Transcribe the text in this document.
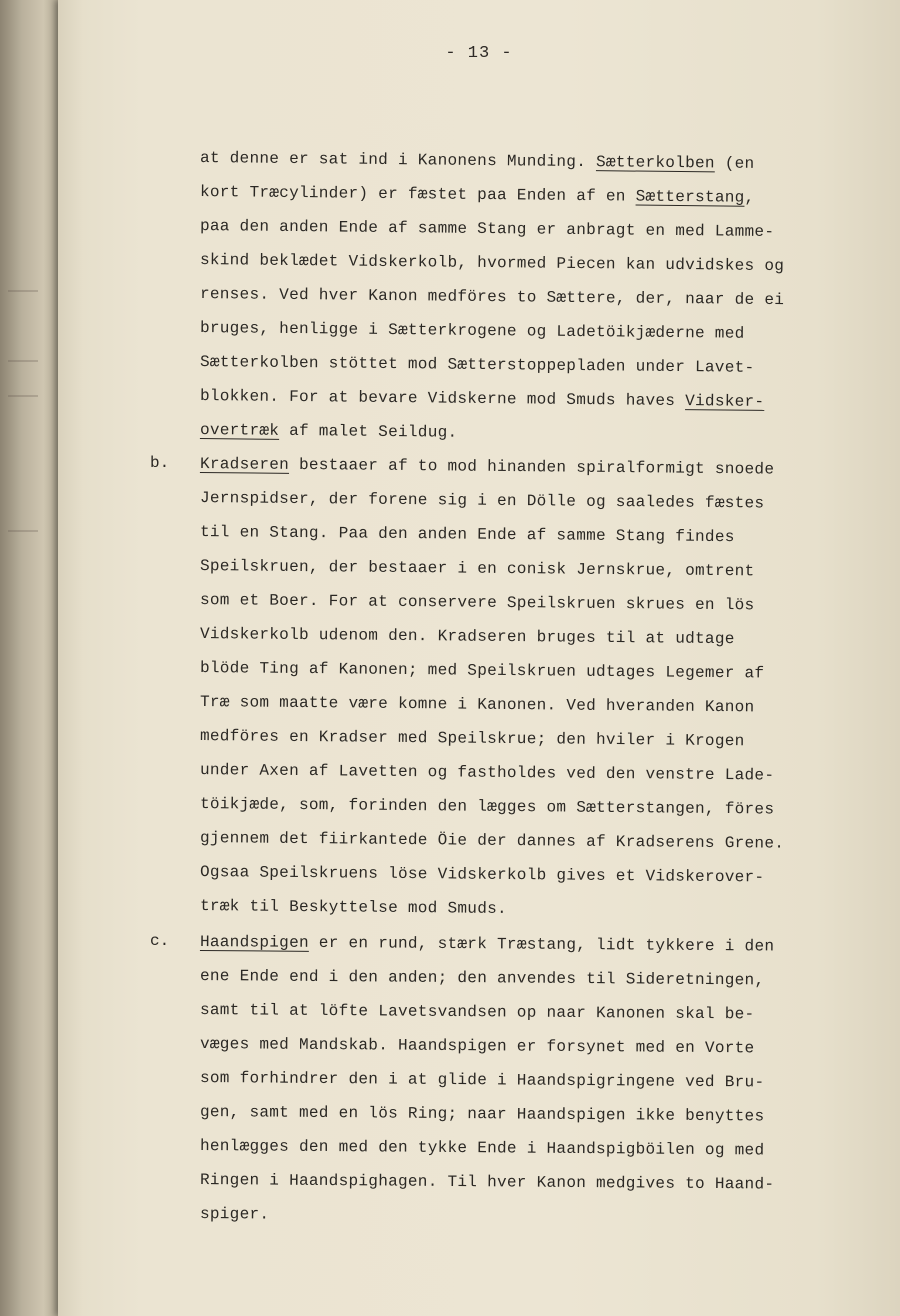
- 13 -
at denne er sat ind i Kanonens Munding. Sætterkolben (en
kort Træcylinder) er fæstet paa Enden af en Sætterstang,
paa den anden Ende af samme Stang er anbragt en med Lamme-
skind beklædet Vidskerkolb, hvormed Piecen kan udvidskes og
renses. Ved hver Kanon medföres to Sættere, der, naar de ei
bruges, henligge i Sætterkrogene og Ladetöikjæderne med
Sætterkolben stöttet mod Sætterstoppepladen under Lavet-
blokken. For at bevare Vidskerne mod Smuds haves Vidsker-
overtræk af malet Seildug.
b. Kradseren bestaaer af to mod hinanden spiralformigt snoede
Jernspidser, der forene sig i en Dölle og saaledes fæstes
til en Stang. Paa den anden Ende af samme Stang findes
Speilskruen, der bestaaer i en conisk Jernskrue, omtrent
som et Boer. For at conservere Speilskruen skrues en lös
Vidskerkolb udenom den. Kradseren bruges til at udtage
blöde Ting af Kanonen; med Speilskruen udtages Legemer af
Træ som maatte være komne i Kanonen. Ved hveranden Kanon
medföres en Kradser med Speilskrue; den hviler i Krogen
under Axen af Lavetten og fastholdes ved den venstre Lade-
töikjæde, som, forinden den lægges om Sætterstangen, föres
gjennem det fiirkantede Öie der dannes af Kradserens Grene.
Ogsaa Speilskruens löse Vidskerkolb gives et Vidskerover-
træk til Beskyttelse mod Smuds.
c. Haandspigen er en rund, stærk Træstang, lidt tykkere i den
ene Ende end i den anden; den anvendes til Sideretningen,
samt til at löfte Lavetsvandsen op naar Kanonen skal be-
væges med Mandskab. Haandspigen er forsynet med en Vorte
som forhindrer den i at glide i Haandspigringene ved Bru-
gen, samt med en lös Ring; naar Haandspigen ikke benyttes
henlægges den med den tykke Ende i Haandspigböilen og med
Ringen i Haandspighagen. Til hver Kanon medgives to Haand-
spiger.
